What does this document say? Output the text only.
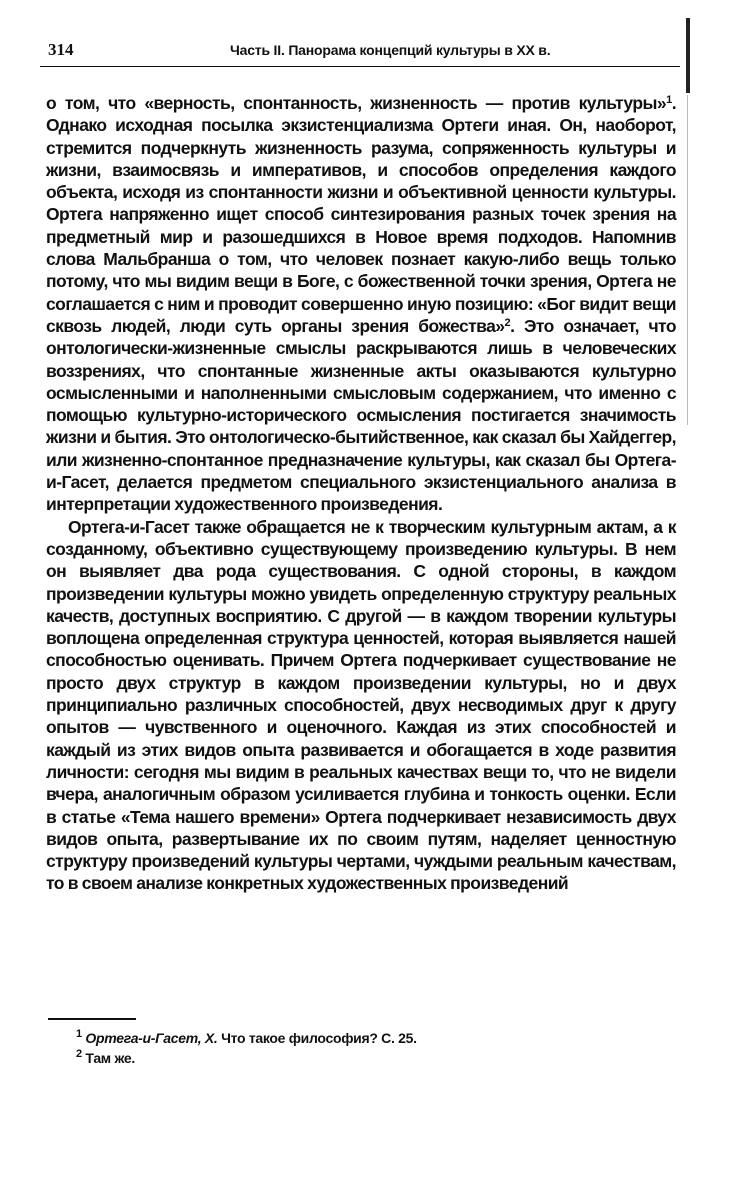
314	Часть II. Панорама концепций культуры в XX в.

о том, что «верность, спонтанность, жизненность — против культуры»$^1$. Однако исходная посылка экзистенциализма Ортеги иная. Он, наоборот, стремится подчеркнуть жизненность разума, сопряженность культуры и жизни, взаимосвязь и императивов, и способов определения каждого объекта, исходя из спонтанности жизни и объективной ценности культуры. Ортега напряженно ищет способ синтезирования разных точек зрения на предметный мир и разошедшихся в Новое время подходов. Напомнив слова Мальбранша о том, что человек познает какую-либо вещь только потому, что мы видим вещи в Боге, с божественной точки зрения, Ортега не соглашается с ним и проводит совершенно иную позицию: «Бог видит вещи сквозь людей, люди суть органы зрения божества»$^2$. Это означает, что онтологически-жизненные смыслы раскрываются лишь в человеческих воззрениях, что спонтанные жизненные акты оказываются культурно осмысленными и наполненными смысловым содержанием, что именно с помощью культурно-исторического осмысления постигается значимость жизни и бытия. Это онтологическо-бытийственное, как сказал бы Хайдеггер, или жизненно-спонтанное предназначение культуры, как сказал бы Ортега-и-Гасет, делается предметом специального экзистенциального анализа в интерпретации художественного произведения.

Ортега-и-Гасет также обращается не к творческим культурным актам, а к созданному, объективно существующему произведению культуры. В нем он выявляет два рода существования. С одной стороны, в каждом произведении культуры можно увидеть определенную структуру реальных качеств, доступных восприятию. С другой — в каждом творении культуры воплощена определенная структура ценностей, которая выявляется нашей способностью оценивать. Причем Ортега подчеркивает существование не просто двух структур в каждом произведении культуры, но и двух принципиально различных способностей, двух несводимых друг к другу опытов — чувственного и оценочного. Каждая из этих способностей и каждый из этих видов опыта развивается и обогащается в ходе развития личности: сегодня мы видим в реальных качествах вещи то, что не видели вчера, аналогичным образом усиливается глубина и тонкость оценки. Если в статье «Тема нашего времени» Ортега подчеркивает независимость двух видов опыта, развертывание их по своим путям, наделяет ценностную структуру произведений культуры чертами, чуждыми реальным качествам, то в своем анализе конкретных художественных произведений

$^1$ Ортега-и-Гасет, Х. Что такое философия? С. 25.
$^2$ Там же.
